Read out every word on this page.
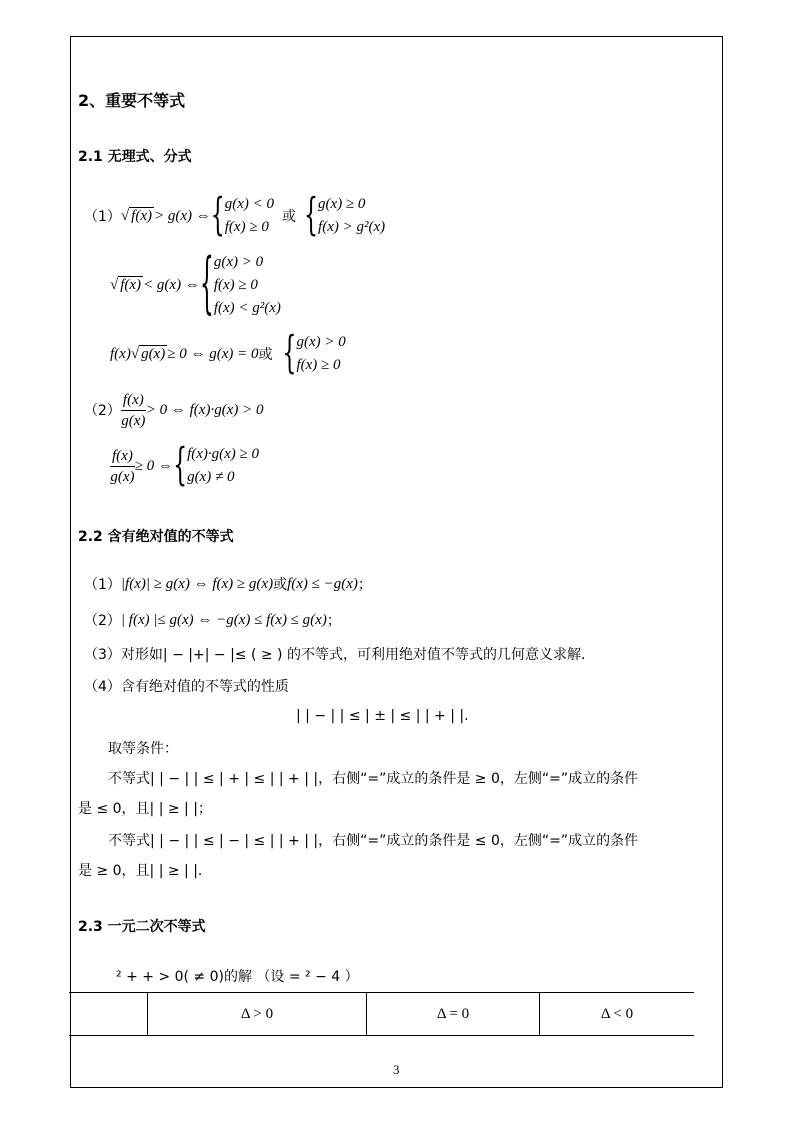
2、重要不等式
2.1 无理式、分式
（1） √ f(x) > g(x) ⇔ { g(x) < 0
f(x) ≥ 0
或 { g(x) ≥ 0
f(x) > g²(x)
√ f(x) < g(x) ⇔ { g(x) > 0
f(x) ≥ 0
f(x) < g²(x)
f(x) √ g(x) ≥ 0 ⇔ g(x) = 0 或 { g(x) > 0
f(x) ≥ 0
$(2) \frac{f(x)}{g(x)} > 0$ ⇔ f(x)·g(x) > 0
$\frac{f(x)}{g(x)} \ge 0$ ⇔ { f(x)·g(x) ≥ 0
g(x) ≠ 0
2.2 含有绝对值的不等式
（1） |f(x)| ≥ g(x) ⇔ f(x) ≥ g(x) 或 f(x) ≤ −g(x) ；
（2） | f(x) |≤ g(x) ⇔ −g(x) ≤ f(x) ≤ g(x) ；
（3） 对形如| − |+| − |≤ ( ≥ ) 的不等式，可利用绝对值不等式的几何意义求解.
（4） 含有绝对值的不等式的性质
| | − | | ≤ | ± | ≤ | | + | |.
取等条件：
不等式| | − | | ≤ | + | ≤ | | + | |，右侧“=”成立的条件是 ≥ 0，左侧“=”成立的条件
是 ≤ 0，且| | ≥ | |；
不等式| | − | | ≤ | − | ≤ | | + | |，右侧“=”成立的条件是 ≤ 0，左侧“=”成立的条件
是 ≥ 0，且| | ≥ | |.
2.3 一元二次不等式
² + + > 0( ≠ 0)的解 （设 = ² − 4 ）
	Δ > 0	Δ = 0	Δ < 0
3
